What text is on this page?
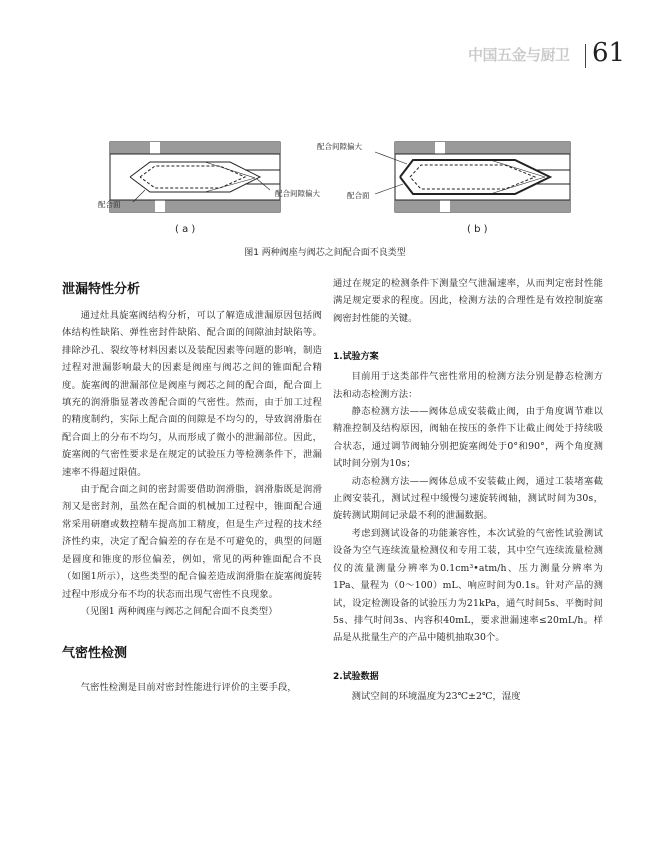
中国五金与厨卫 61
配合面
配合间隙偏大
( a )
配合间隙偏大
配合面
( b )
图1 两种阀座与阀芯之间配合面不良类型
泄漏特性分析

通过灶具旋塞阀结构分析，可以了解造成泄漏原因包括阀体结构性缺陷、弹性密封件缺陷、配合面的间隙油封缺陷等。排除沙孔、裂纹等材料因素以及装配因素等问题的影响，制造过程对泄漏影响最大的因素是阀座与阀芯之间的锥面配合精度。旋塞阀的泄漏部位是阀座与阀芯之间的配合面，配合面上填充的润滑脂显著改善配合面的气密性。然而，由于加工过程的精度制约，实际上配合面的间隙是不均匀的，导致润滑脂在配合面上的分布不均匀，从而形成了微小的泄漏部位。因此，旋塞阀的气密性要求是在规定的试验压力等检测条件下，泄漏速率不得超过限值。

由于配合面之间的密封需要借助润滑脂，润滑脂既是润滑剂又是密封剂，虽然在配合面的机械加工过程中，锥面配合通常采用研磨或数控精车提高加工精度，但是生产过程的技术经济性约束，决定了配合偏差的存在是不可避免的，典型的问题是圆度和锥度的形位偏差，例如，常见的两种锥面配合不良（如图1所示），这些类型的配合偏差造成润滑脂在旋塞阀旋转过程中形成分布不均的状态而出现气密性不良现象。

（见图1 两种阀座与阀芯之间配合面不良类型）

气密性检测

气密性检测是目前对密封性能进行评价的主要手段，

通过在规定的检测条件下测量空气泄漏速率，从而判定密封性能满足规定要求的程度。因此，检测方法的合理性是有效控制旋塞阀密封性能的关键。

1.试验方案

目前用于这类部件气密性常用的检测方法分别是静态检测方法和动态检测方法：

静态检测方法——阀体总成安装截止阀，由于角度调节难以精准控制及结构原因，阀轴在按压的条件下让截止阀处于持续吸合状态，通过调节阀轴分别把旋塞阀处于0°和90°，两个角度测试时间分别为10s；

动态检测方法——阀体总成不安装截止阀，通过工装堵塞截止阀安装孔，测试过程中缓慢匀速旋转阀轴，测试时间为30s，旋转测试期间记录最不利的泄漏数据。

考虑到测试设备的功能兼容性，本次试验的气密性试验测试设备为空气连续流量检测仪和专用工装，其中空气连续流量检测仪的流量测量分辨率为0.1cm³•atm/h、压力测量分辨率为1Pa、量程为（0～100）mL、响应时间为0.1s。针对产品的测试，设定检测设备的试验压力为21kPa，通气时间5s、平衡时间5s、排气时间3s、内容积40mL，要求泄漏速率≤20mL/h。样品是从批量生产的产品中随机抽取30个。

2.试验数据

测试空间的环境温度为23℃±2℃，湿度
